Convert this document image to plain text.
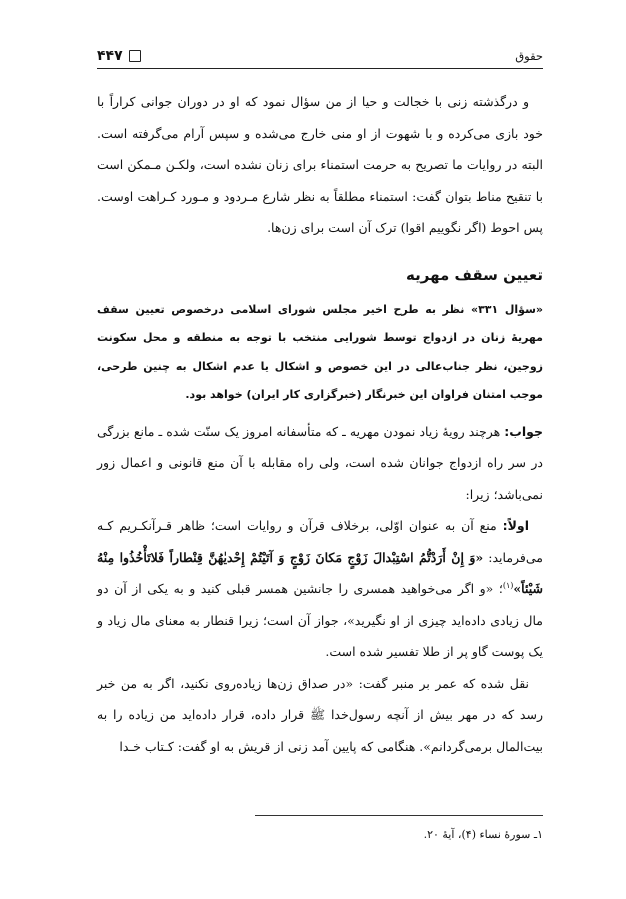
۴۴۷	حقوق

و درگذشته زنی با خجالت و حیا از من سؤال نمود که او در دوران جوانی کراراً با خود بازی می‌کرده و با شهوت از او منی خارج می‌شده و سپس آرام می‌گرفته است. البته در روایات ما تصریح به حرمت استمناء برای زنان نشده است، ولکـن مـمکن است با تنقیح مناط بتوان گفت: استمناء مطلقاً به نظر شارع مـردود و مـورد کـراهت اوست. پس احوط (اگر نگوییم اقوا) ترک آن است برای زن‌ها.

تعیین سقف مهریه

«سؤال ۳۳۱» نظر به طرح اخیر مجلس شورای اسلامی درخصوص تعیین سقف مهریهٔ زنان در ازدواج توسط شورایی منتخب با توجه به منطقه و محل سکونت زوجین، نظر جناب‌عالی در این خصوص و اشکال یا عدم اشکال به چنین طرحی، موجب امتنان فراوان این خبرنگار (خبرگزاری کار ایران) خواهد بود.

جواب: هرچند رویهٔ زیاد نمودن مهریه ـ که متأسفانه امروز یک سنّت شده ـ مانع بزرگی در سر راه ازدواج جوانان شده است، ولی راه مقابله با آن منع قانونی و اعمال زور نمی‌باشد؛ زیرا:

اولاً: منع آن به عنوان اوّلی، برخلاف قرآن و روایات است؛ ظاهر قـرآنکـریم کـه می‌فرماید: «وَ إِنْ أَرَدْتُّمُ اسْتِبْدالَ زَوْجٍ مَکانَ زَوْجٍ وَ آتَیْتُمْ إِحْدیٰهُنَّ قِنْطاراً فَلاتَأْخُذُوا مِنْهُ شَیْئاً»$^{(۱)}$؛ «و اگر می‌خواهید همسری را جانشین همسر قبلی کنید و به یکی از آن دو مال زیادی داده‌اید چیزی از او نگیرید»، جواز آن است؛ زیرا قنطار به معنای مال زیاد و یک پوست گاو پر از طلا تفسیر شده است.

نقل شده که عمر بر منبر گفت: «در صداق زن‌ها زیاده‌روی نکنید، اگر به من خبر رسد که در مهر بیش از آنچه رسول‌خدا ﷺ قرار داده، قرار داده‌اید من زیاده را به بیت‌المال برمی‌گردانم». هنگامی که پایین آمد زنی از قریش به او گفت: کـتاب خـدا

۱ـ سورهٔ نساء (۴)، آیهٔ ۲۰.
